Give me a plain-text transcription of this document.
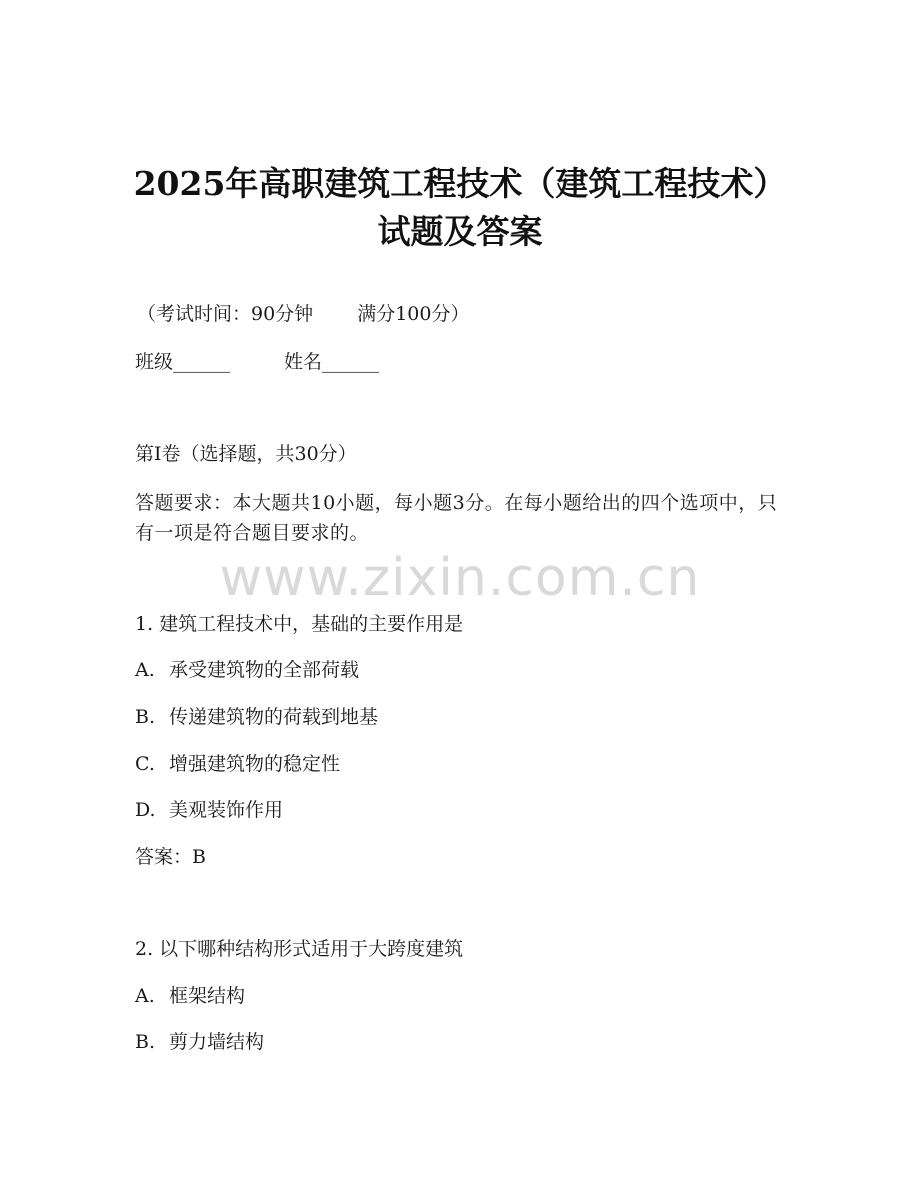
2025年高职建筑工程技术（建筑工程技术）
试题及答案
（考试时间：90分钟 满分100分）
班级______	姓名______
第I卷（选择题，共30分）
答题要求：本大题共10小题，每小题3分。在每小题给出的四个选项中，只有一项是符合题目要求的。
www.zixin.com.cn
1. 建筑工程技术中，基础的主要作用是
A. 承受建筑物的全部荷载
B. 传递建筑物的荷载到地基
C. 增强建筑物的稳定性
D. 美观装饰作用
答案：B
2. 以下哪种结构形式适用于大跨度建筑
A. 框架结构
B. 剪力墙结构
